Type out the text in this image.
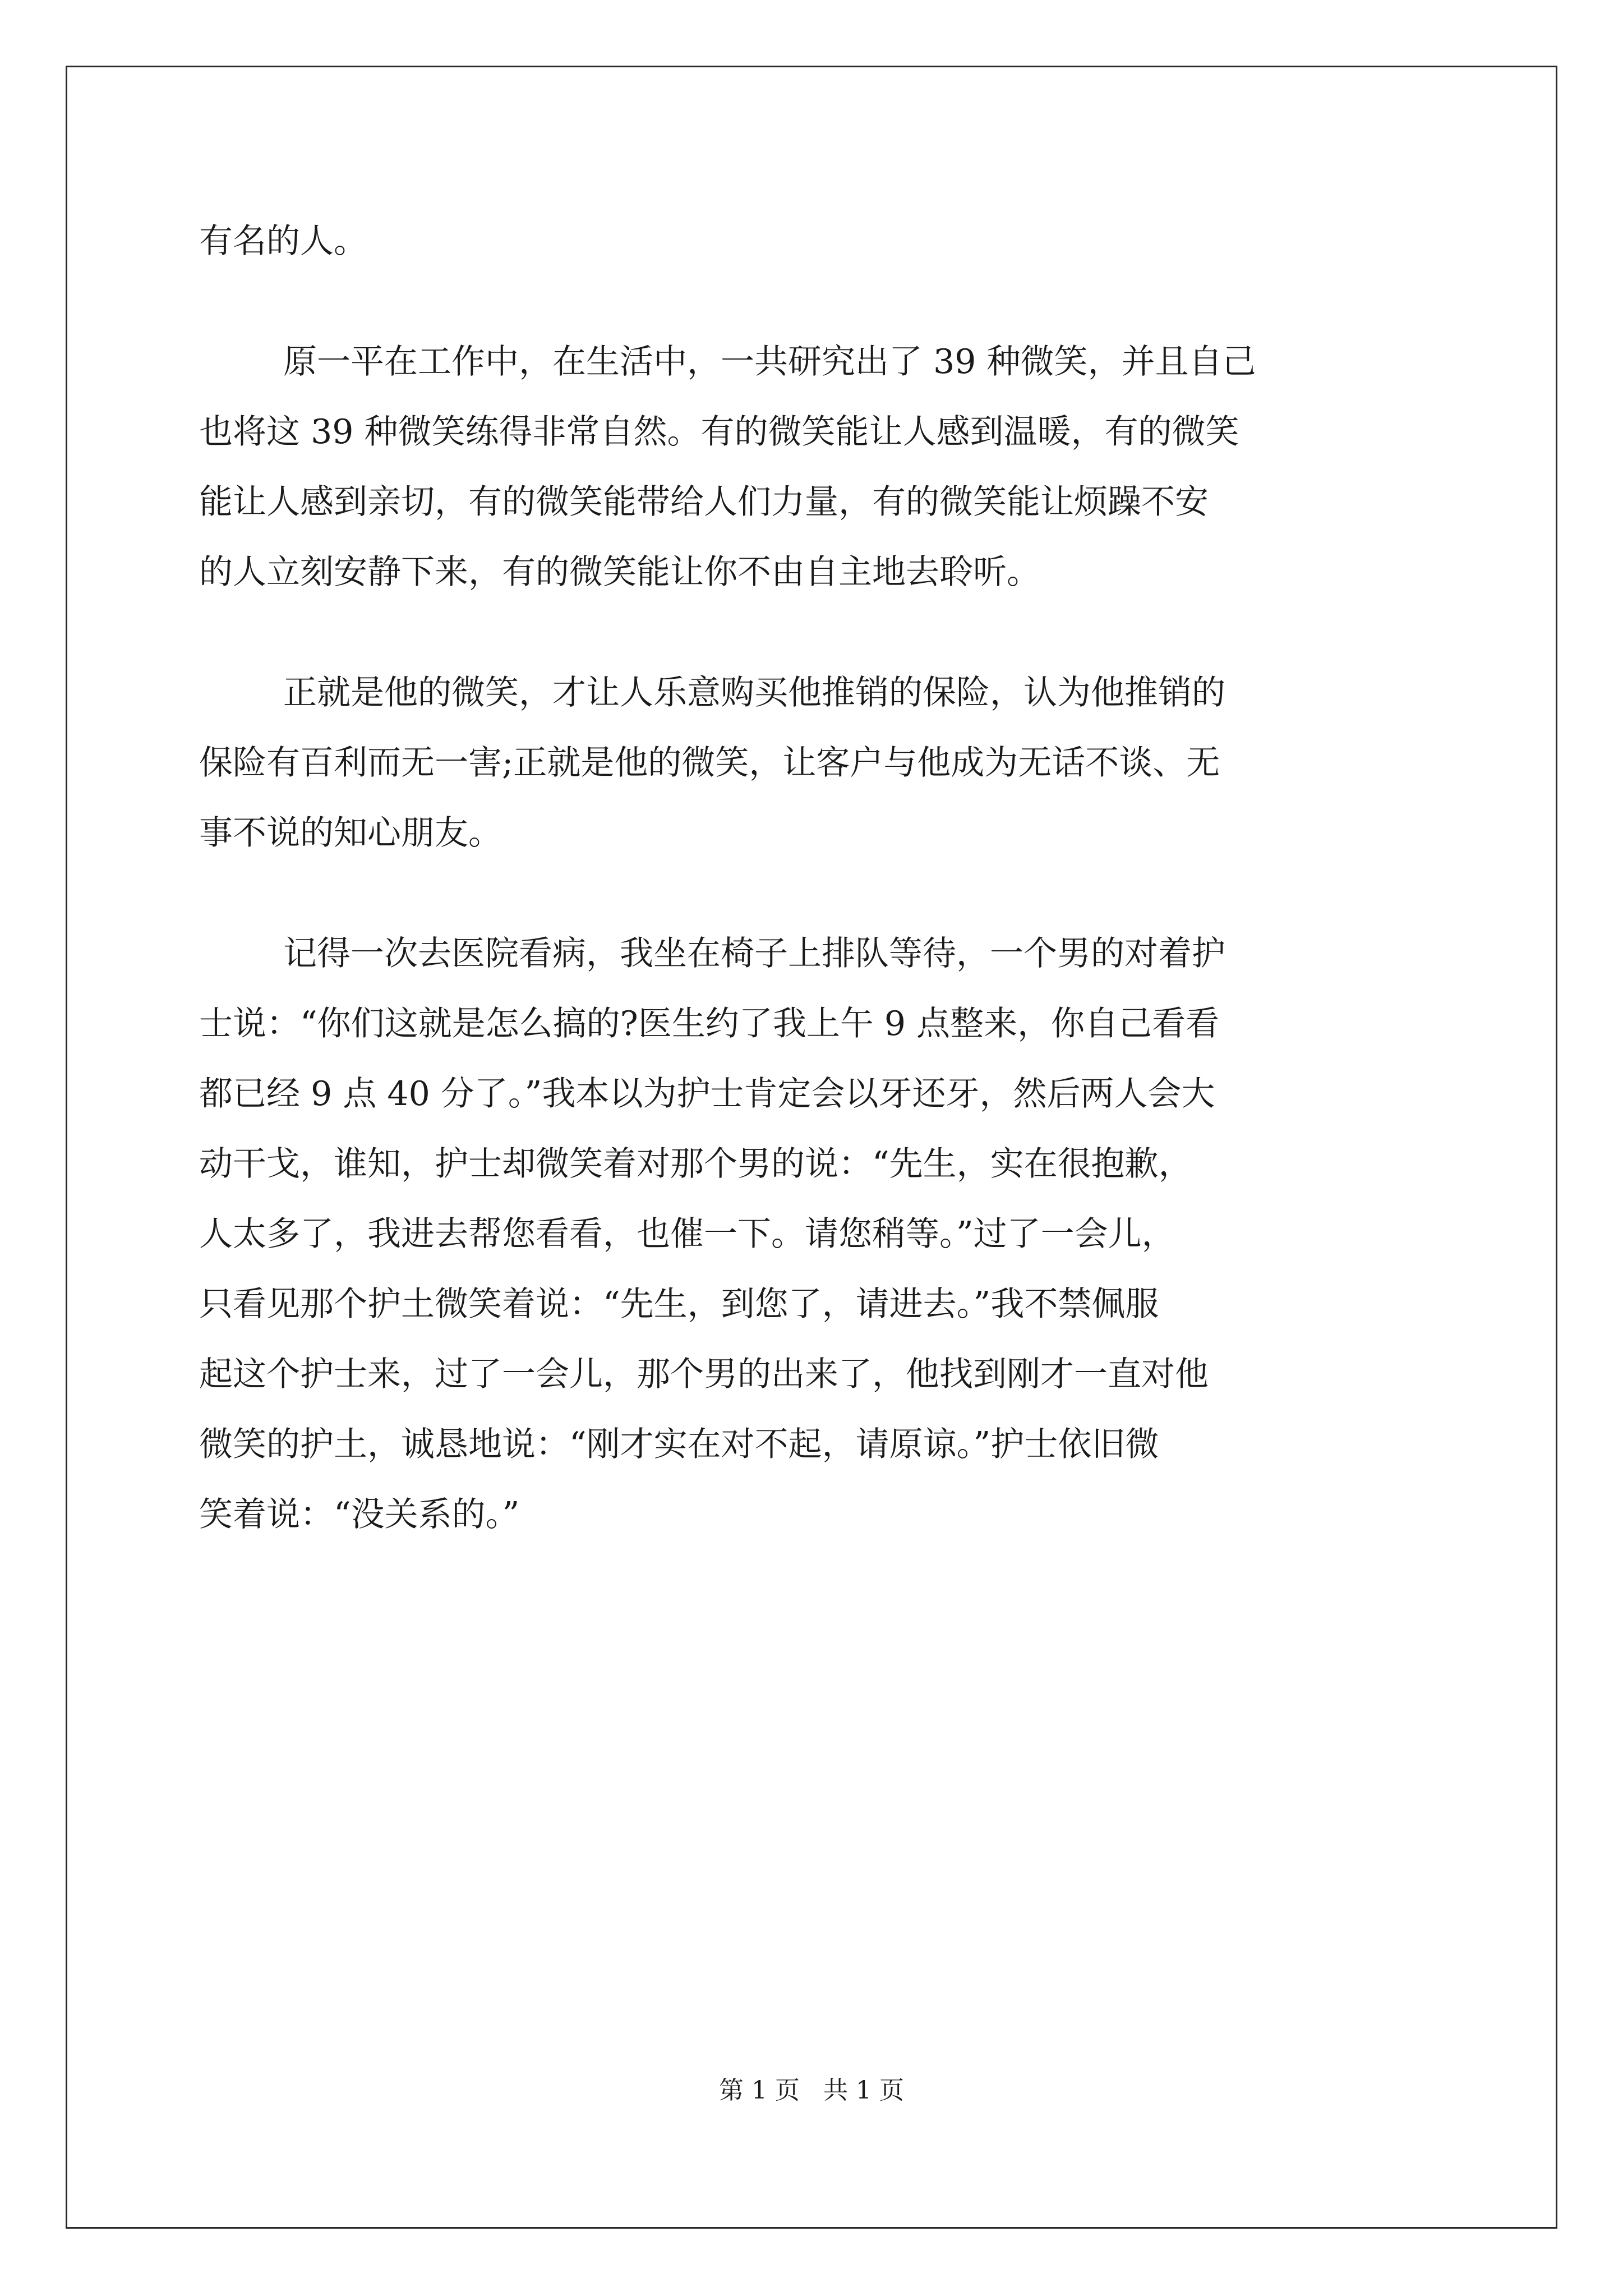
有名的人。
原一平在工作中，在生活中，一共研究出了 39 种微笑，并且自己
也将这 39 种微笑练得非常自然。有的微笑能让人感到温暖，有的微笑
能让人感到亲切，有的微笑能带给人们力量，有的微笑能让烦躁不安
的人立刻安静下来，有的微笑能让你不由自主地去聆听。
正就是他的微笑，才让人乐意购买他推销的保险，认为他推销的
保险有百利而无一害;正就是他的微笑，让客户与他成为无话不谈、无
事不说的知心朋友。
记得一次去医院看病，我坐在椅子上排队等待，一个男的对着护
士说：“你们这就是怎么搞的?医生约了我上午 9 点整来，你自己看看
都已经 9 点 40 分了。”我本以为护士肯定会以牙还牙，然后两人会大
动干戈，谁知，护士却微笑着对那个男的说：“先生，实在很抱歉，
人太多了，我进去帮您看看，也催一下。请您稍等。”过了一会儿，
只看见那个护土微笑着说：“先生，到您了，请进去。”我不禁佩服
起这个护士来，过了一会儿，那个男的出来了，他找到刚才一直对他
微笑的护土，诚恳地说：“刚才实在对不起，请原谅。”护士依旧微
笑着说：“没关系的。”
第 1 页   共 1 页
